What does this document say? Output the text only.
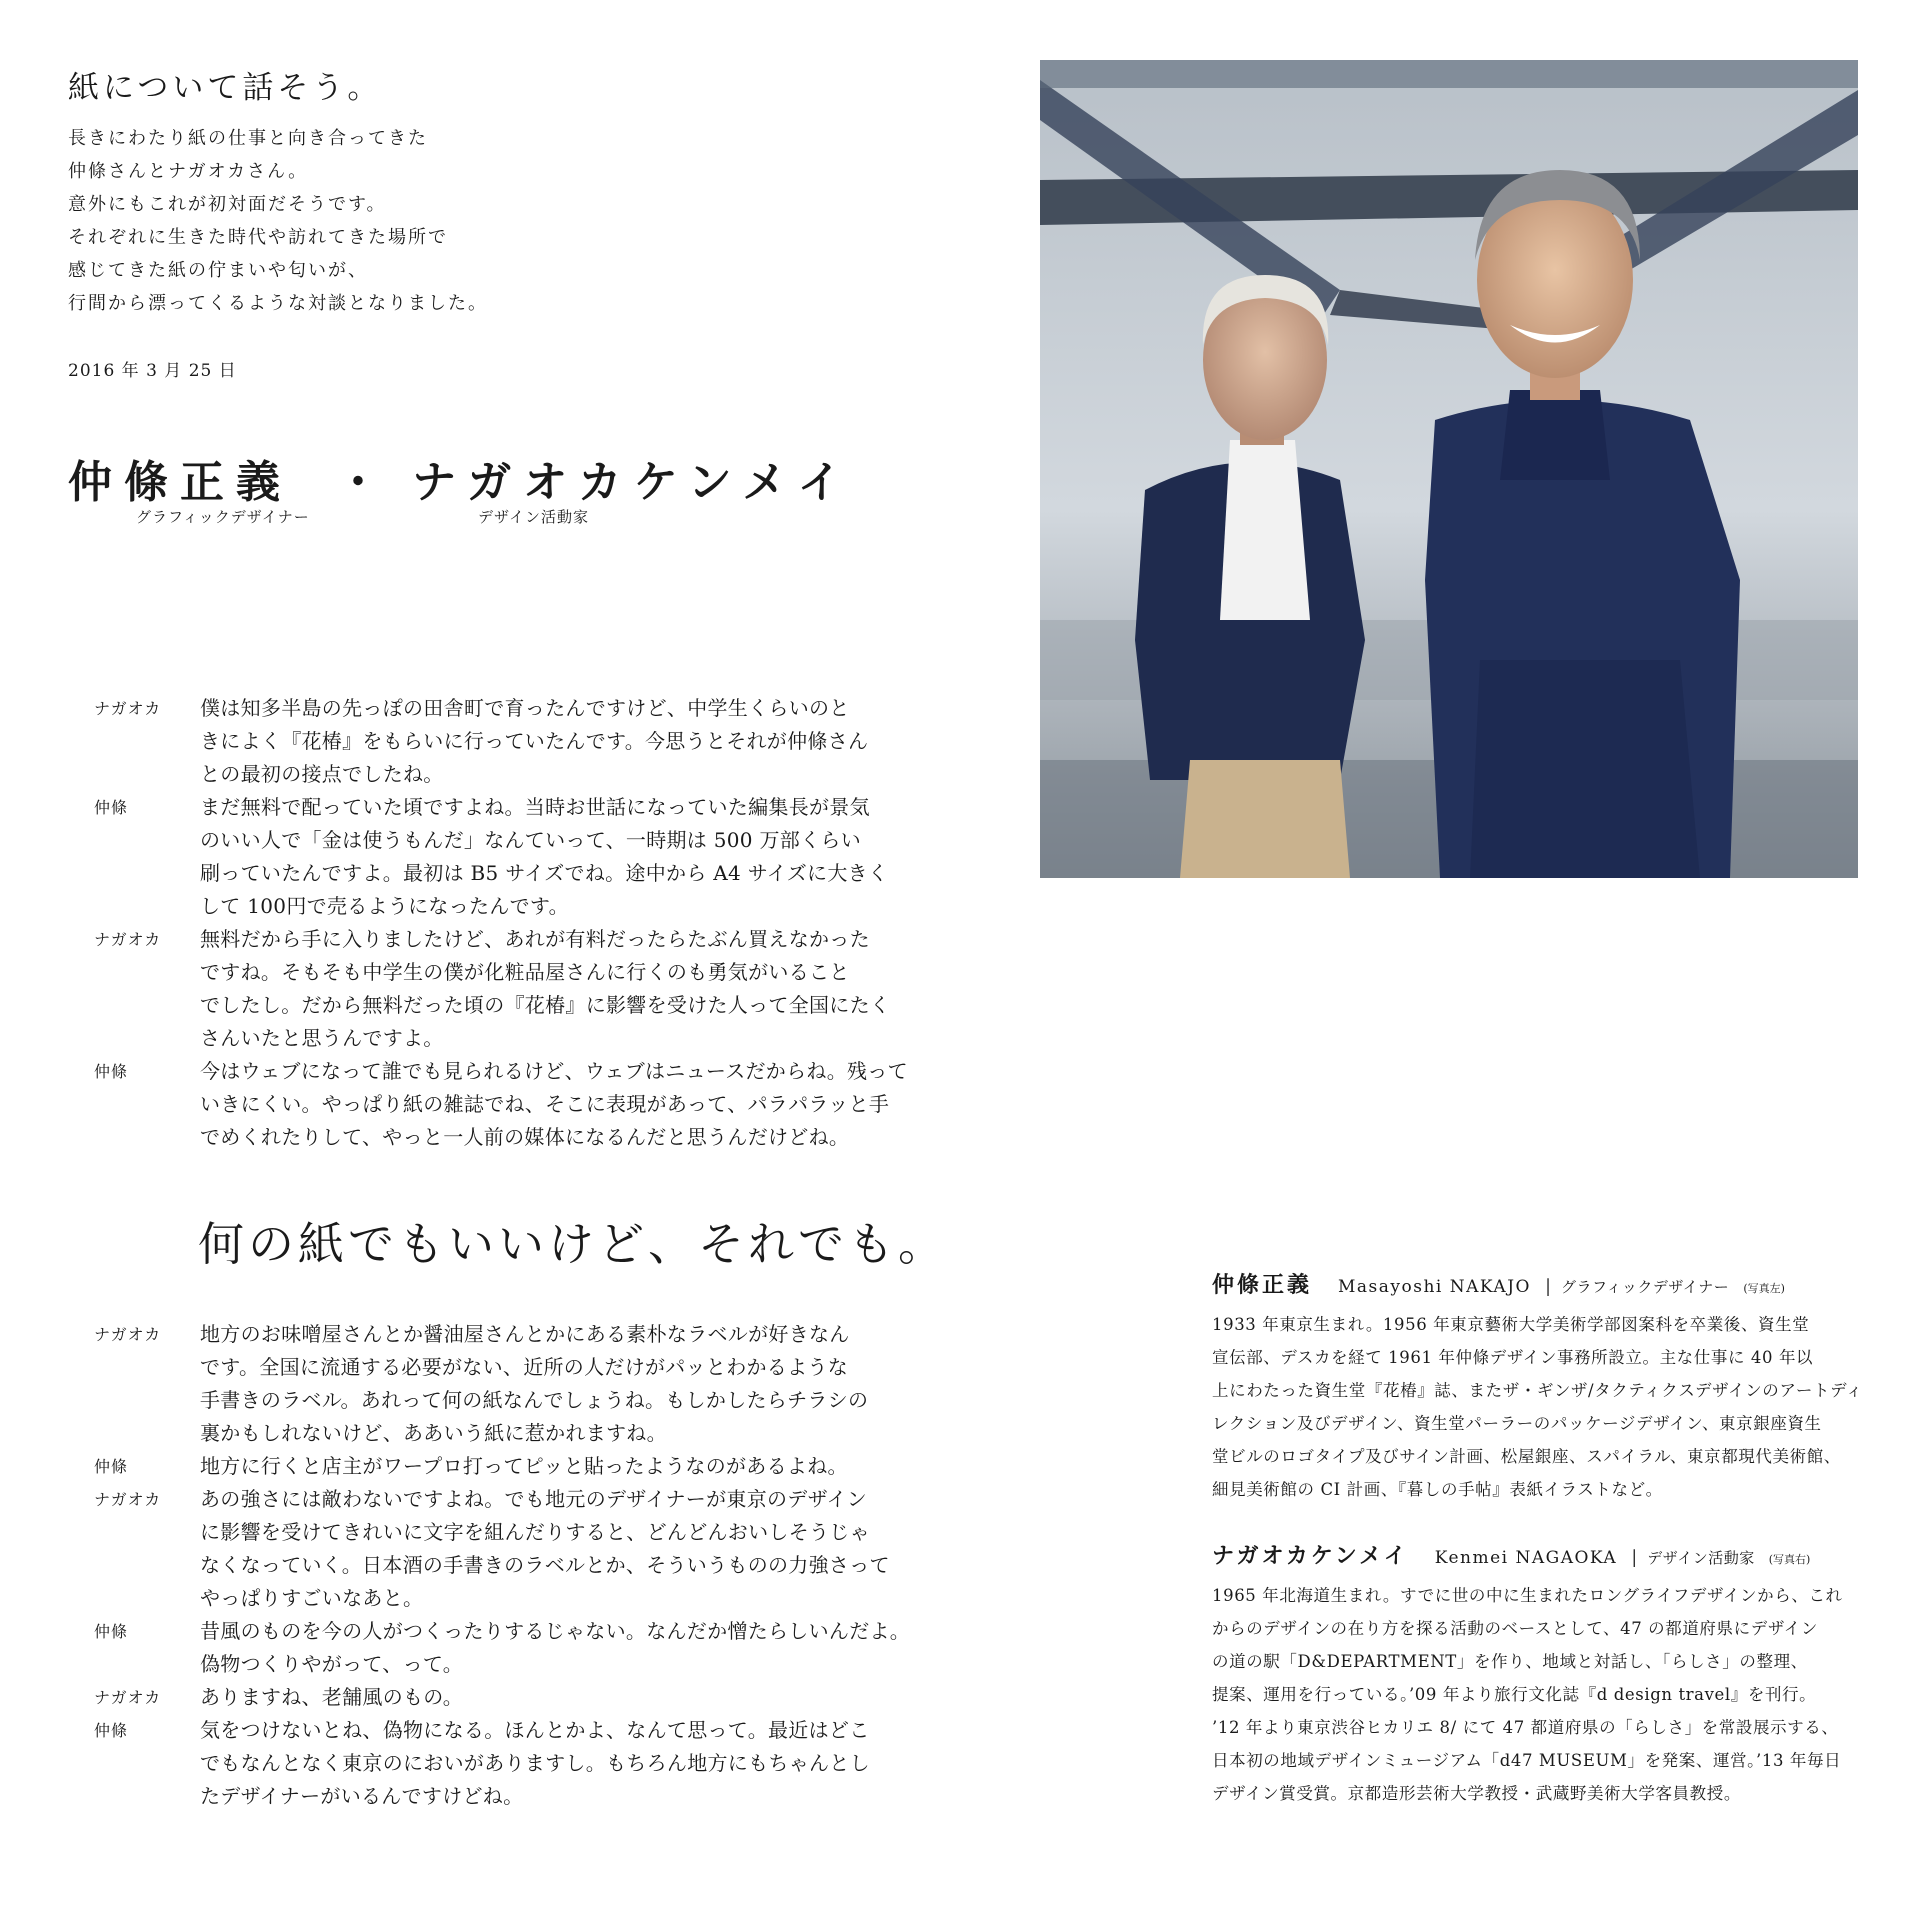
紙について話そう。
長きにわたり紙の仕事と向き合ってきた
仲條さんとナガオカさん。
意外にもこれが初対面だそうです。
それぞれに生きた時代や訪れてきた場所で
感じてきた紙の佇まいや匂いが、
行間から漂ってくるような対談となりました。
2016 年 3 月 25 日
仲條正義 ・ ナガオカケンメイ
グラフィックデザイナー	デザイン活動家
ナガオカ	僕は知多半島の先っぽの田舎町で育ったんですけど、中学生くらいのと
きによく『花椿』をもらいに行っていたんです。今思うとそれが仲條さん
との最初の接点でしたね。
仲條	まだ無料で配っていた頃ですよね。当時お世話になっていた編集長が景気
のいい人で「金は使うもんだ」なんていって、一時期は 500 万部くらい
刷っていたんですよ。最初は B5 サイズでね。途中から A4 サイズに大きく
して 100円で売るようになったんです。
ナガオカ	無料だから手に入りましたけど、あれが有料だったらたぶん買えなかった
ですね。そもそも中学生の僕が化粧品屋さんに行くのも勇気がいること
でしたし。だから無料だった頃の『花椿』に影響を受けた人って全国にたく
さんいたと思うんですよ。
仲條	今はウェブになって誰でも見られるけど、ウェブはニュースだからね。残って
いきにくい。やっぱり紙の雑誌でね、そこに表現があって、パラパラッと手
でめくれたりして、やっと一人前の媒体になるんだと思うんだけどね。
何の紙でもいいけど、それでも。
ナガオカ	地方のお味噌屋さんとか醤油屋さんとかにある素朴なラベルが好きなん
です。全国に流通する必要がない、近所の人だけがパッとわかるような
手書きのラベル。あれって何の紙なんでしょうね。もしかしたらチラシの
裏かもしれないけど、ああいう紙に惹かれますね。
仲條	地方に行くと店主がワープロ打ってピッと貼ったようなのがあるよね。
ナガオカ	あの強さには敵わないですよね。でも地元のデザイナーが東京のデザイン
に影響を受けてきれいに文字を組んだりすると、どんどんおいしそうじゃ
なくなっていく。日本酒の手書きのラベルとか、そういうものの力強さって
やっぱりすごいなあと。
仲條	昔風のものを今の人がつくったりするじゃない。なんだか憎たらしいんだよ。
偽物つくりやがって、って。
ナガオカ	ありますね、老舗風のもの。
仲條	気をつけないとね、偽物になる。ほんとかよ、なんて思って。最近はどこ
でもなんとなく東京のにおいがありますし。もちろん地方にもちゃんとし
たデザイナーがいるんですけどね。
仲條正義 Masayoshi NAKAJO | グラフィックデザイナー (写真左)
1933 年東京生まれ。1956 年東京藝術大学美術学部図案科を卒業後、資生堂
宣伝部、デスカを経て 1961 年仲條デザイン事務所設立。主な仕事に 40 年以
上にわたった資生堂『花椿』誌、またザ・ギンザ/タクティクスデザインのアートディ
レクション及びデザイン、資生堂パーラーのパッケージデザイン、東京銀座資生
堂ビルのロゴタイプ及びサイン計画、松屋銀座、スパイラル、東京都現代美術館、
細見美術館の CI 計画、『暮しの手帖』表紙イラストなど。
ナガオカケンメイ Kenmei NAGAOKA | デザイン活動家 (写真右)
1965 年北海道生まれ。すでに世の中に生まれたロングライフデザインから、これ
からのデザインの在り方を探る活動のベースとして、47 の都道府県にデザイン
の道の駅「D&DEPARTMENT」を作り、地域と対話し、「らしさ」の整理、
提案、運用を行っている。’09 年より旅行文化誌『d design travel』を刊行。
’12 年より東京渋谷ヒカリエ 8/ にて 47 都道府県の「らしさ」を常設展示する、
日本初の地域デザインミュージアム「d47 MUSEUM」を発案、運営。’13 年毎日
デザイン賞受賞。京都造形芸術大学教授・武蔵野美術大学客員教授。
